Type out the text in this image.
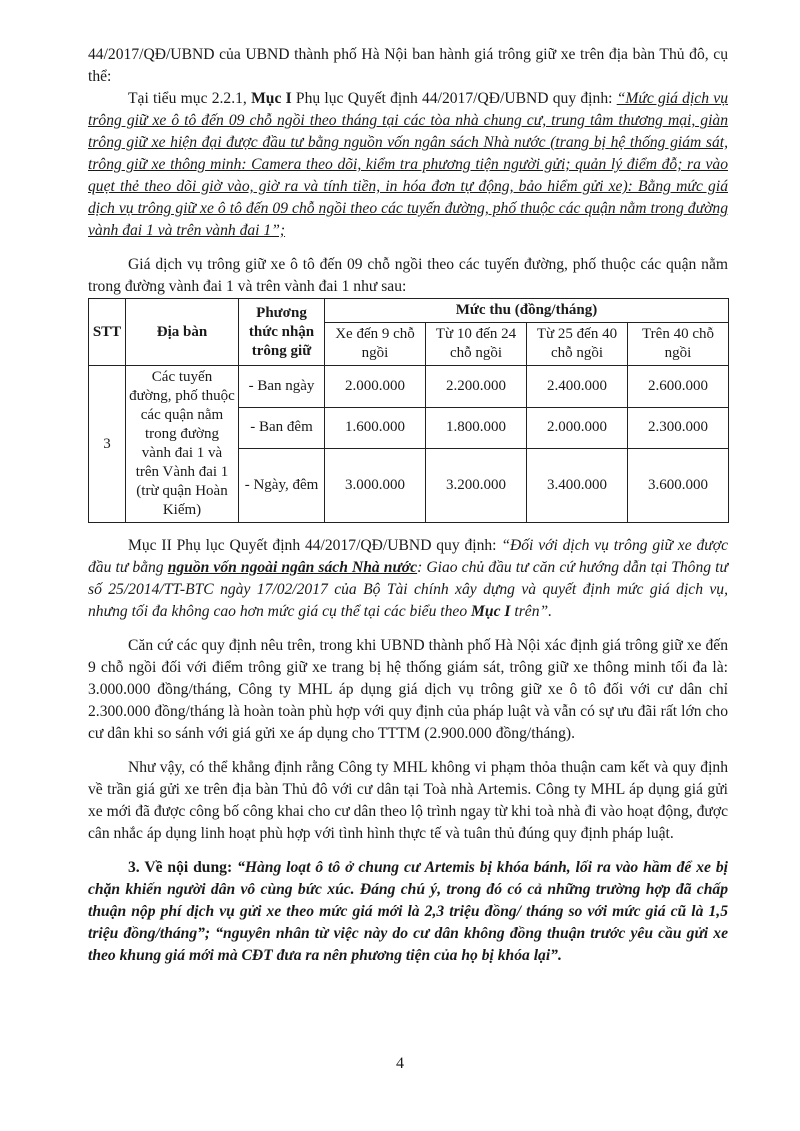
44/2017/QĐ/UBND của UBND thành phố Hà Nội ban hành giá trông giữ xe trên địa bàn Thủ đô, cụ thể:

Tại tiểu mục 2.2.1, Mục I Phụ lục Quyết định 44/2017/QĐ/UBND quy định: “Mức giá dịch vụ trông giữ xe ô tô đến 09 chỗ ngồi theo tháng tại các tòa nhà chung cư, trung tâm thương mại, giàn trông giữ xe hiện đại được đầu tư bằng nguồn vốn ngân sách Nhà nước (trang bị hệ thống giám sát, trông giữ xe thông minh: Camera theo dõi, kiểm tra phương tiện người gửi; quản lý điểm đỗ; ra vào quẹt thẻ theo dõi giờ vào, giờ ra và tính tiền, in hóa đơn tự động, bảo hiểm gửi xe): Bằng mức giá dịch vụ trông giữ xe ô tô đến 09 chỗ ngồi theo các tuyến đường, phố thuộc các quận nằm trong đường vành đai 1 và trên vành đai 1”;

Giá dịch vụ trông giữ xe ô tô đến 09 chỗ ngồi theo các tuyến đường, phố thuộc các quận nằm trong đường vành đai 1 và trên vành đai 1 như sau:

STT	Địa bàn	Phương thức nhận trông giữ	Mức thu (đồng/tháng)			
			Xe đến 9 chỗ ngồi	Từ 10 đến 24 chỗ ngồi	Từ 25 đến 40 chỗ ngồi	Trên 40 chỗ ngồi
3	Các tuyến đường, phố thuộc các quận nằm trong đường vành đai 1 và trên Vành đai 1 (trừ quận Hoàn Kiếm)	- Ban ngày	2.000.000	2.200.000	2.400.000	2.600.000
		- Ban đêm	1.600.000	1.800.000	2.000.000	2.300.000
		- Ngày, đêm	3.000.000	3.200.000	3.400.000	3.600.000

Mục II Phụ lục Quyết định 44/2017/QĐ/UBND quy định: “Đối với dịch vụ trông giữ xe được đầu tư bằng nguồn vốn ngoài ngân sách Nhà nước: Giao chủ đầu tư căn cứ hướng dẫn tại Thông tư số 25/2014/TT-BTC ngày 17/02/2017 của Bộ Tài chính xây dựng và quyết định mức giá dịch vụ, nhưng tối đa không cao hơn mức giá cụ thể tại các biểu theo Mục I trên”.

Căn cứ các quy định nêu trên, trong khi UBND thành phố Hà Nội xác định giá trông giữ xe đến 9 chỗ ngồi đối với điểm trông giữ xe trang bị hệ thống giám sát, trông giữ xe thông minh tối đa là: 3.000.000 đồng/tháng, Công ty MHL áp dụng giá dịch vụ trông giữ xe ô tô đối với cư dân chỉ 2.300.000 đồng/tháng là hoàn toàn phù hợp với quy định của pháp luật và vẫn có sự ưu đãi rất lớn cho cư dân khi so sánh với giá gửi xe áp dụng cho TTTM (2.900.000 đồng/tháng).

Như vậy, có thể khẳng định rằng Công ty MHL không vi phạm thỏa thuận cam kết và quy định về trần giá gửi xe trên địa bàn Thủ đô với cư dân tại Toà nhà Artemis. Công ty MHL áp dụng giá gửi xe mới đã được công bố công khai cho cư dân theo lộ trình ngay từ khi toà nhà đi vào hoạt động, được cân nhắc áp dụng linh hoạt phù hợp với tình hình thực tế và tuân thủ đúng quy định pháp luật.

3. Về nội dung: “Hàng loạt ô tô ở chung cư Artemis bị khóa bánh, lối ra vào hầm để xe bị chặn khiến người dân vô cùng bức xúc. Đáng chú ý, trong đó có cả những trường hợp đã chấp thuận nộp phí dịch vụ gửi xe theo mức giá mới là 2,3 triệu đồng/ tháng so với mức giá cũ là 1,5 triệu đồng/tháng”; “nguyên nhân từ việc này do cư dân không đồng thuận trước yêu cầu gửi xe theo khung giá mới mà CĐT đưa ra nên phương tiện của họ bị khóa lại”.

4
